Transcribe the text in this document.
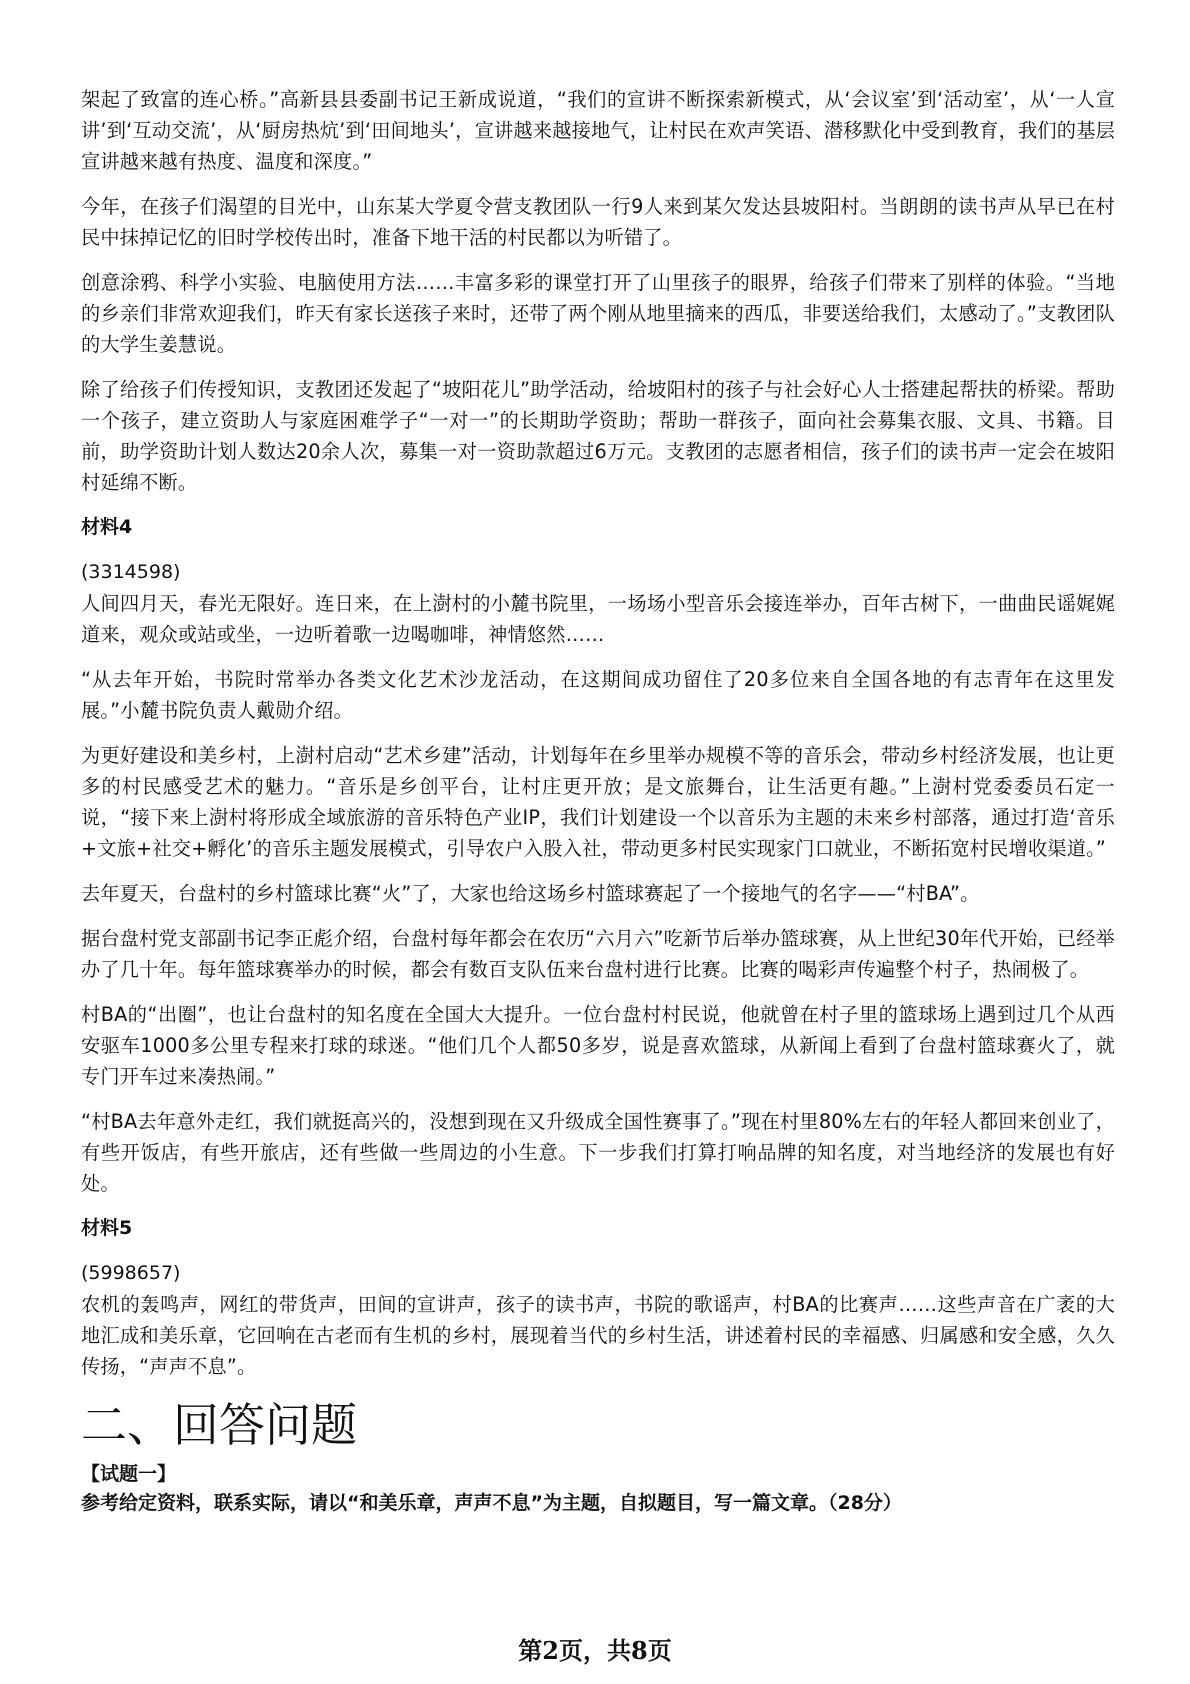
架起了致富的连心桥。”高新县县委副书记王新成说道，“我们的宣讲不断探索新模式，从‘会议室’到‘活动室’，从‘一人宣讲’到‘互动交流’，从‘厨房热炕’到‘田间地头’，宣讲越来越接地气，让村民在欢声笑语、潜移默化中受到教育，我们的基层宣讲越来越有热度、温度和深度。”

今年，在孩子们渴望的目光中，山东某大学夏令营支教团队一行9人来到某欠发达县坡阳村。当朗朗的读书声从早已在村民中抹掉记忆的旧时学校传出时，准备下地干活的村民都以为听错了。

创意涂鸦、科学小实验、电脑使用方法……丰富多彩的课堂打开了山里孩子的眼界，给孩子们带来了别样的体验。“当地的乡亲们非常欢迎我们，昨天有家长送孩子来时，还带了两个刚从地里摘来的西瓜，非要送给我们，太感动了。”支教团队的大学生姜慧说。

除了给孩子们传授知识，支教团还发起了“坡阳花儿”助学活动，给坡阳村的孩子与社会好心人士搭建起帮扶的桥梁。帮助一个孩子，建立资助人与家庭困难学子“一对一”的长期助学资助；帮助一群孩子，面向社会募集衣服、文具、书籍。目前，助学资助计划人数达20余人次，募集一对一资助款超过6万元。支教团的志愿者相信，孩子们的读书声一定会在坡阳村延绵不断。

材料4
(3314598)

人间四月天，春光无限好。连日来，在上澍村的小麓书院里，一场场小型音乐会接连举办，百年古树下，一曲曲民谣娓娓道来，观众或站或坐，一边听着歌一边喝咖啡，神情悠然……

“从去年开始，书院时常举办各类文化艺术沙龙活动，在这期间成功留住了20多位来自全国各地的有志青年在这里发展。”小麓书院负责人戴勋介绍。

为更好建设和美乡村，上澍村启动“艺术乡建”活动，计划每年在乡里举办规模不等的音乐会，带动乡村经济发展，也让更多的村民感受艺术的魅力。“音乐是乡创平台，让村庄更开放；是文旅舞台，让生活更有趣。”上澍村党委委员石定一说，“接下来上澍村将形成全域旅游的音乐特色产业IP，我们计划建设一个以音乐为主题的未来乡村部落，通过打造‘音乐+文旅+社交+孵化’的音乐主题发展模式，引导农户入股入社，带动更多村民实现家门口就业，不断拓宽村民增收渠道。”

去年夏天，台盘村的乡村篮球比赛“火”了，大家也给这场乡村篮球赛起了一个接地气的名字——“村BA”。

据台盘村党支部副书记李正彪介绍，台盘村每年都会在农历“六月六”吃新节后举办篮球赛，从上世纪30年代开始，已经举办了几十年。每年篮球赛举办的时候，都会有数百支队伍来台盘村进行比赛。比赛的喝彩声传遍整个村子，热闹极了。

村BA的“出圈”，也让台盘村的知名度在全国大大提升。一位台盘村村民说，他就曾在村子里的篮球场上遇到过几个从西安驱车1000多公里专程来打球的球迷。“他们几个人都50多岁，说是喜欢篮球，从新闻上看到了台盘村篮球赛火了，就专门开车过来凑热闹。”

“村BA去年意外走红，我们就挺高兴的，没想到现在又升级成全国性赛事了。”现在村里80%左右的年轻人都回来创业了，有些开饭店，有些开旅店，还有些做一些周边的小生意。下一步我们打算打响品牌的知名度，对当地经济的发展也有好处。

材料5
(5998657)

农机的轰鸣声，网红的带货声，田间的宣讲声，孩子的读书声，书院的歌谣声，村BA的比赛声……这些声音在广袤的大地汇成和美乐章，它回响在古老而有生机的乡村，展现着当代的乡村生活，讲述着村民的幸福感、归属感和安全感，久久传扬，“声声不息”。

二、回答问题
【试题一】
参考给定资料，联系实际，请以“和美乐章，声声不息”为主题，自拟题目，写一篇文章。（28分）
第2页，共8页
